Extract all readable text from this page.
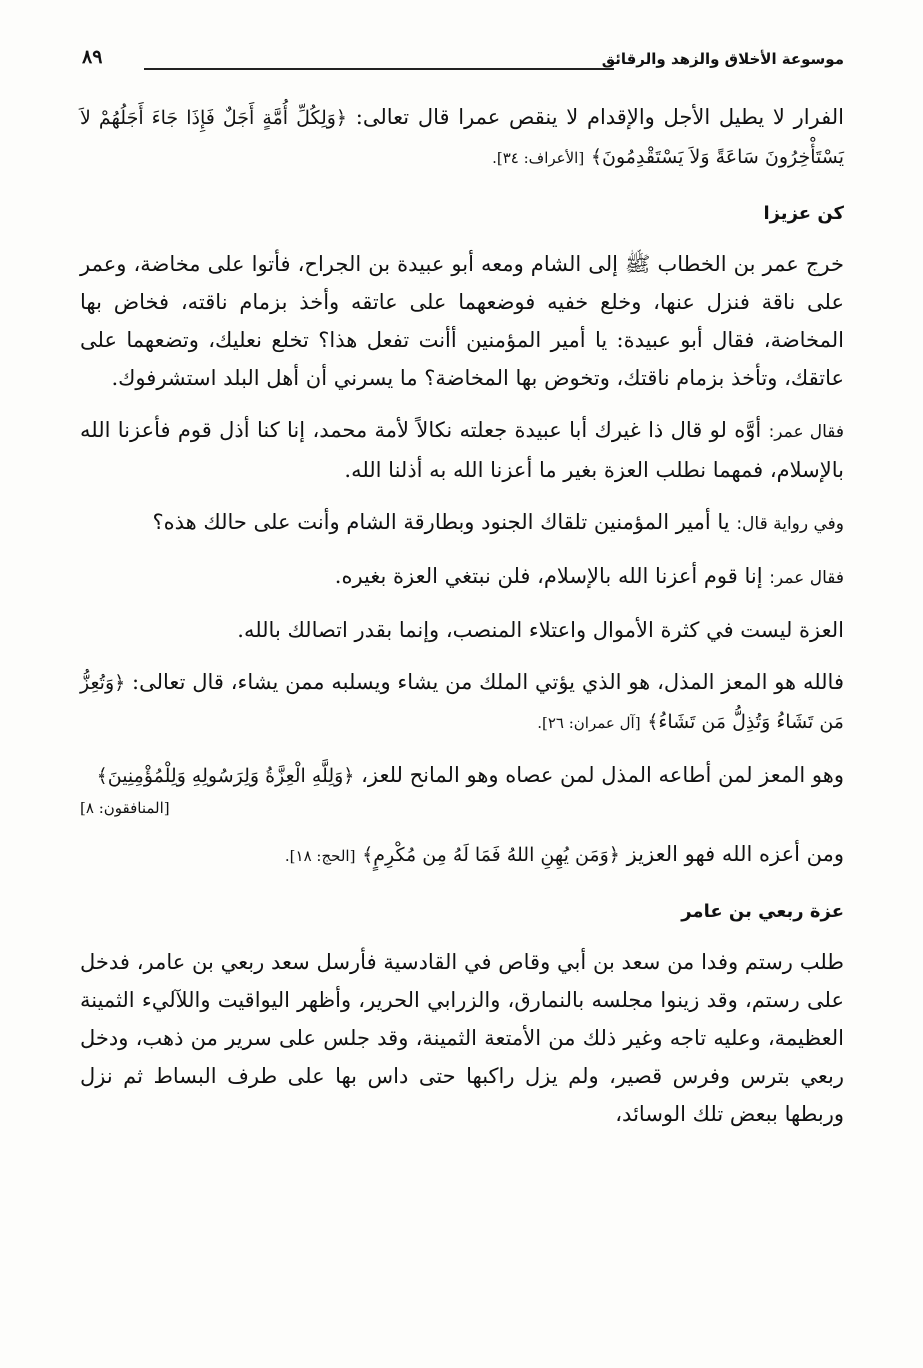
موسوعة الأخلاق والزهد والرقائق
٨٩

الفرار لا يطيل الأجل والإقدام لا ينقص عمرا قال تعالى: ﴿وَلِكُلِّ أُمَّةٍ أَجَلٌ فَإِذَا جَاءَ أَجَلُهُمْ لاَ يَسْتَأْخِرُونَ سَاعَةً وَلاَ يَسْتَقْدِمُونَ﴾ [الأعراف: ٣٤].

كن عزيزا

خرج عمر بن الخطاب ﷺ إلى الشام ومعه أبو عبيدة بن الجراح، فأتوا على مخاضة، وعمر على ناقة فنزل عنها، وخلع خفيه فوضعهما على عاتقه وأخذ بزمام ناقته، فخاض بها المخاضة، فقال أبو عبيدة: يا أمير المؤمنين أأنت تفعل هذا؟ تخلع نعليك، وتضعهما على عاتقك، وتأخذ بزمام ناقتك، وتخوض بها المخاضة؟ ما يسرني أن أهل البلد استشرفوك.

فقال عمر: أوَّه لو قال ذا غيرك أبا عبيدة جعلته نكالاً لأمة محمد، إنا كنا أذل قوم فأعزنا الله بالإسلام، فمهما نطلب العزة بغير ما أعزنا الله به أذلنا الله.

وفي رواية قال: يا أمير المؤمنين تلقاك الجنود وبطارقة الشام وأنت على حالك هذه؟

فقال عمر: إنا قوم أعزنا الله بالإسلام، فلن نبتغي العزة بغيره.

العزة ليست في كثرة الأموال واعتلاء المنصب، وإنما بقدر اتصالك بالله.

فالله هو المعز المذل، هو الذي يؤتي الملك من يشاء ويسلبه ممن يشاء، قال تعالى: ﴿وَتُعِزُّ مَن تَشَاءُ وَتُذِلُّ مَن تَشَاءُ﴾ [آل عمران: ٢٦].

وهو المعز لمن أطاعه المذل لمن عصاه وهو المانح للعز، ﴿وَلِلَّهِ الْعِزَّةُ وَلِرَسُولِهِ وَلِلْمُؤْمِنِينَ﴾
[المنافقون: ٨]

ومن أعزه الله فهو العزيز ﴿وَمَن يُهِنِ اللهُ فَمَا لَهُ مِن مُكْرِمٍ﴾ [الحج: ١٨].

عزة ربعي بن عامر

طلب رستم وفدا من سعد بن أبي وقاص في القادسية فأرسل سعد ربعي بن عامر، فدخل على رستم، وقد زينوا مجلسه بالنمارق، والزرابي الحرير، وأظهر اليواقيت واللآليء الثمينة العظيمة، وعليه تاجه وغير ذلك من الأمتعة الثمينة، وقد جلس على سرير من ذهب، ودخل ربعي بترس وفرس قصير، ولم يزل راكبها حتى داس بها على طرف البساط ثم نزل وربطها ببعض تلك الوسائد،
